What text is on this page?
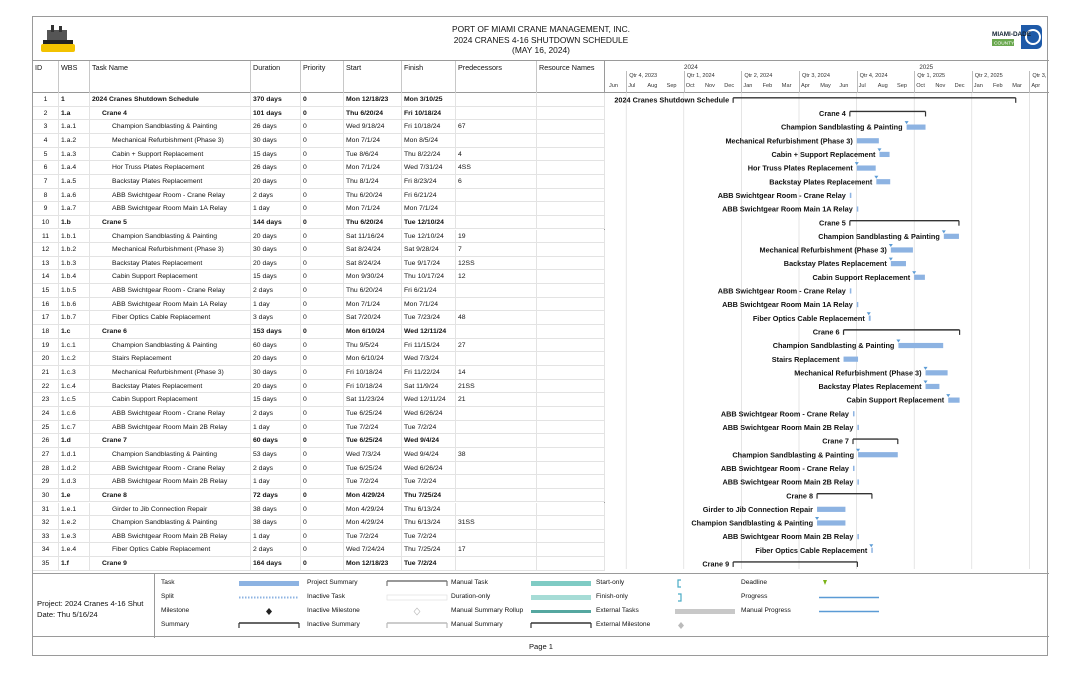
PORT OF MIAMI CRANE MANAGEMENT, INC.
2024 CRANES 4-16 SHUTDOWN SCHEDULE
(MAY 16, 2024)
MIAMI-DADE
COUNTY
ID	WBS	Task Name	Duration	Priority	Start	Finish	Predecessors	Resource Names
1	1	2024 Cranes Shutdown Schedule	370 days	0	Mon 12/18/23	Mon 3/10/25
2	1.a	Crane 4	101 days	0	Thu 6/20/24	Fri 10/18/24
3	1.a.1	Champion Sandblasting & Painting	26 days	0	Wed 9/18/24	Fri 10/18/24	67
4	1.a.2	Mechanical Refurbishment (Phase 3)	30 days	0	Mon 7/1/24	Mon 8/5/24
5	1.a.3	Cabin + Support Replacement	15 days	0	Tue 8/6/24	Thu 8/22/24	4
6	1.a.4	Hor Truss Plates Replacement	26 days	0	Mon 7/1/24	Wed 7/31/24	4SS
7	1.a.5	Backstay Plates Replacement	20 days	0	Thu 8/1/24	Fri 8/23/24	6
8	1.a.6	ABB Swichtgear Room - Crane Relay	2 days	0	Thu 6/20/24	Fri 6/21/24
9	1.a.7	ABB Swichtgear Room Main 1A Relay	1 day	0	Mon 7/1/24	Mon 7/1/24
10	1.b	Crane 5	144 days	0	Thu 6/20/24	Tue 12/10/24
11	1.b.1	Champion Sandblasting & Painting	20 days	0	Sat 11/16/24	Tue 12/10/24	19
12	1.b.2	Mechanical Refurbishment (Phase 3)	30 days	0	Sat 8/24/24	Sat 9/28/24	7
13	1.b.3	Backstay Plates Replacement	20 days	0	Sat 8/24/24	Tue 9/17/24	12SS
14	1.b.4	Cabin Support Replacement	15 days	0	Mon 9/30/24	Thu 10/17/24	12
15	1.b.5	ABB Swichtgear Room - Crane Relay	2 days	0	Thu 6/20/24	Fri 6/21/24
16	1.b.6	ABB Swichtgear Room Main 1A Relay	1 day	0	Mon 7/1/24	Mon 7/1/24
17	1.b.7	Fiber Optics Cable Replacement	3 days	0	Sat 7/20/24	Tue 7/23/24	48
18	1.c	Crane 6	153 days	0	Mon 6/10/24	Wed 12/11/24
19	1.c.1	Champion Sandblasting & Painting	60 days	0	Thu 9/5/24	Fri 11/15/24	27
20	1.c.2	Stairs Replacement	20 days	0	Mon 6/10/24	Wed 7/3/24
21	1.c.3	Mechanical Refurbishment (Phase 3)	30 days	0	Fri 10/18/24	Fri 11/22/24	14
22	1.c.4	Backstay Plates Replacement	20 days	0	Fri 10/18/24	Sat 11/9/24	21SS
23	1.c.5	Cabin Support Replacement	15 days	0	Sat 11/23/24	Wed 12/11/24	21
24	1.c.6	ABB Swichtgear Room - Crane Relay	2 days	0	Tue 6/25/24	Wed 6/26/24
25	1.c.7	ABB Swichtgear Room Main 2B Relay	1 day	0	Tue 7/2/24	Tue 7/2/24
26	1.d	Crane 7	60 days	0	Tue 6/25/24	Wed 9/4/24
27	1.d.1	Champion Sandblasting & Painting	53 days	0	Wed 7/3/24	Wed 9/4/24	38
28	1.d.2	ABB Swichtgear Room - Crane Relay	2 days	0	Tue 6/25/24	Wed 6/26/24
29	1.d.3	ABB Swichtgear Room Main 2B Relay	1 day	0	Tue 7/2/24	Tue 7/2/24
30	1.e	Crane 8	72 days	0	Mon 4/29/24	Thu 7/25/24
31	1.e.1	Girder to Jib Connection Repair	38 days	0	Mon 4/29/24	Thu 6/13/24
32	1.e.2	Champion Sandblasting & Painting	38 days	0	Mon 4/29/24	Thu 6/13/24	31SS
33	1.e.3	ABB Swichtgear Room Main 2B Relay	1 day	0	Tue 7/2/24	Tue 7/2/24
34	1.e.4	Fiber Optics Cable Replacement	2 days	0	Wed 7/24/24	Thu 7/25/24	17
35	1.f	Crane 9	164 days	0	Mon 12/18/23	Tue 7/2/24
2024	2025
Qtr 4, 2023	Qtr 1, 2024	Qtr 2, 2024	Qtr 3, 2024	Qtr 4, 2024	Qtr 1, 2025	Qtr 2, 2025	Qtr 3,
Jun Jul Aug Sep Oct Nov Dec Jan Feb Mar Apr May Jun Jul Aug Sep Oct Nov Dec Jan Feb Mar Apr
2024 Cranes Shutdown Schedule
Crane 4
Champion Sandblasting & Painting
Mechanical Refurbishment (Phase 3)
Cabin + Support Replacement
Hor Truss Plates Replacement
Backstay Plates Replacement
ABB Swichtgear Room - Crane Relay
ABB Swichtgear Room Main 1A Relay
Crane 5
Champion Sandblasting & Painting
Mechanical Refurbishment (Phase 3)
Backstay Plates Replacement
Cabin Support Replacement
ABB Swichtgear Room - Crane Relay
ABB Swichtgear Room Main 1A Relay
Fiber Optics Cable Replacement
Crane 6
Champion Sandblasting & Painting
Stairs Replacement
Mechanical Refurbishment (Phase 3)
Backstay Plates Replacement
Cabin Support Replacement
ABB Swichtgear Room - Crane Relay
ABB Swichtgear Room Main 2B Relay
Crane 7
Champion Sandblasting & Painting
ABB Swichtgear Room - Crane Relay
ABB Swichtgear Room Main 2B Relay
Crane 8
Girder to Jib Connection Repair
Champion Sandblasting & Painting
ABB Swichtgear Room Main 2B Relay
Fiber Optics Cable Replacement
Crane 9
Project: 2024 Cranes 4-16 Shut
Date: Thu 5/16/24
Task
Split
Milestone
Summary
Project Summary
Inactive Task
Inactive Milestone
Inactive Summary
Manual Task
Duration-only
Manual Summary Rollup
Manual Summary
Start-only
Finish-only
External Tasks
External Milestone
Deadline
Progress
Manual Progress
Page 1
